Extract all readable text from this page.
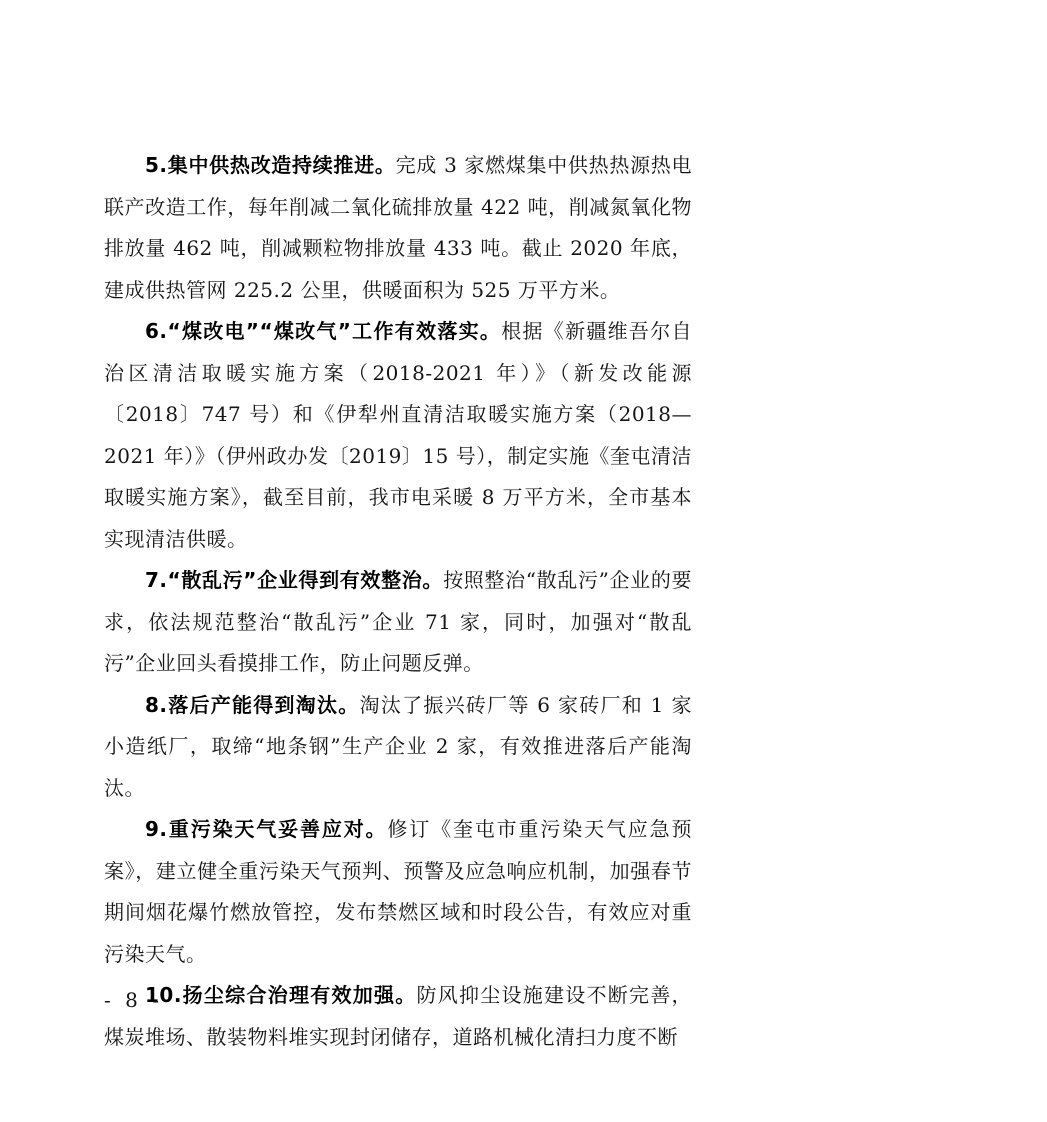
5.集中供热改造持续推进。完成 3 家燃煤集中供热热源热电联产改造工作，每年削减二氧化硫排放量 422 吨，削减氮氧化物排放量 462 吨，削减颗粒物排放量 433 吨。截止 2020 年底，建成供热管网 225.2 公里，供暖面积为 525 万平方米。

6.“煤改电”“煤改气”工作有效落实。根据《新疆维吾尔自治区清洁取暖实施方案（2018-2021 年）》（新发改能源〔2018〕747 号）和《伊犁州直清洁取暖实施方案（2018—2021 年）》（伊州政办发〔2019〕15 号），制定实施《奎屯清洁取暖实施方案》，截至目前，我市电采暖 8 万平方米，全市基本实现清洁供暖。

7.“散乱污”企业得到有效整治。按照整治“散乱污”企业的要求，依法规范整治“散乱污”企业 71 家，同时，加强对“散乱污”企业回头看摸排工作，防止问题反弹。

8.落后产能得到淘汰。淘汰了振兴砖厂等 6 家砖厂和 1 家小造纸厂，取缔“地条钢”生产企业 2 家，有效推进落后产能淘汰。

9.重污染天气妥善应对。修订《奎屯市重污染天气应急预案》，建立健全重污染天气预判、预警及应急响应机制，加强春节期间烟花爆竹燃放管控，发布禁燃区域和时段公告，有效应对重污染天气。

10.扬尘综合治理有效加强。防风抑尘设施建设不断完善，煤炭堆场、散装物料堆实现封闭储存，道路机械化清扫力度不断

- 8 -
